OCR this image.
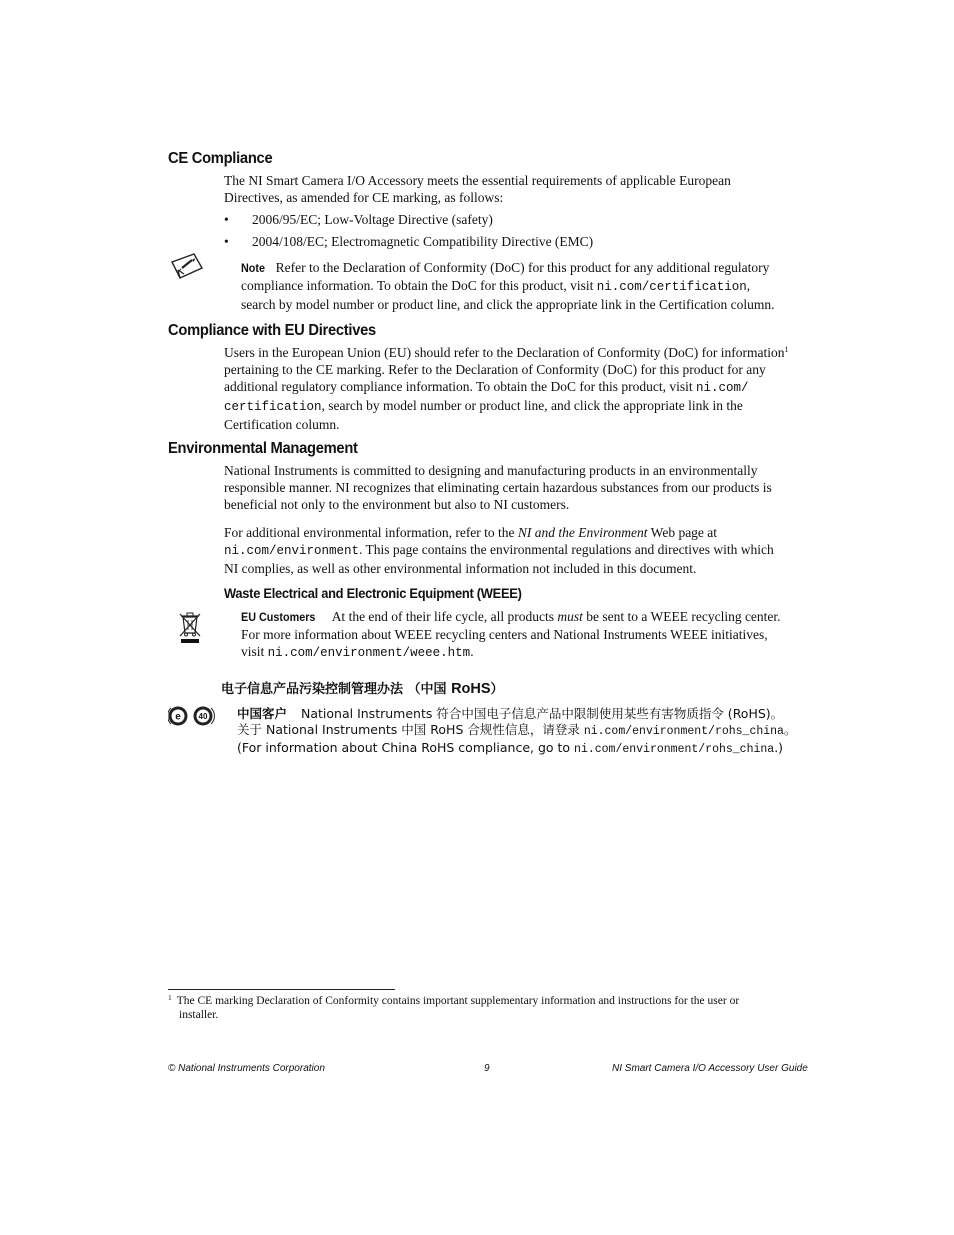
CE Compliance
The NI Smart Camera I/O Accessory meets the essential requirements of applicable European
Directives, as amended for CE marking, as follows:
• 2006/95/EC; Low-Voltage Directive (safety)
• 2004/108/EC; Electromagnetic Compatibility Directive (EMC)
Note Refer to the Declaration of Conformity (DoC) for this product for any additional regulatory
compliance information. To obtain the DoC for this product, visit ni.com/certification,
search by model number or product line, and click the appropriate link in the Certification column.
Compliance with EU Directives
Users in the European Union (EU) should refer to the Declaration of Conformity (DoC) for information$^1$
pertaining to the CE marking. Refer to the Declaration of Conformity (DoC) for this product for any
additional regulatory compliance information. To obtain the DoC for this product, visit ni.com/
certification, search by model number or product line, and click the appropriate link in the
Certification column.
Environmental Management
National Instruments is committed to designing and manufacturing products in an environmentally
responsible manner. NI recognizes that eliminating certain hazardous substances from our products is
beneficial not only to the environment but also to NI customers.
For additional environmental information, refer to the NI and the Environment Web page at
ni.com/environment. This page contains the environmental regulations and directives with which
NI complies, as well as other environmental information not included in this document.
Waste Electrical and Electronic Equipment (WEEE)
EU Customers At the end of their life cycle, all products must be sent to a WEEE recycling center.
For more information about WEEE recycling centers and National Instruments WEEE initiatives,
visit ni.com/environment/weee.htm.
电子信息产品污染控制管理办法 （中国 RoHS）
e 40 中国客户 National Instruments 符合中国电子信息产品中限制使用某些有害物质指令 (RoHS)。
关于 National Instruments 中国 RoHS 合规性信息，请登录 ni.com/environment/rohs_china。
(For information about China RoHS compliance, go to ni.com/environment/rohs_china.)
$^1$ The CE marking Declaration of Conformity contains important supplementary information and instructions for the user or
installer.
© National Instruments Corporation	9	NI Smart Camera I/O Accessory User Guide
